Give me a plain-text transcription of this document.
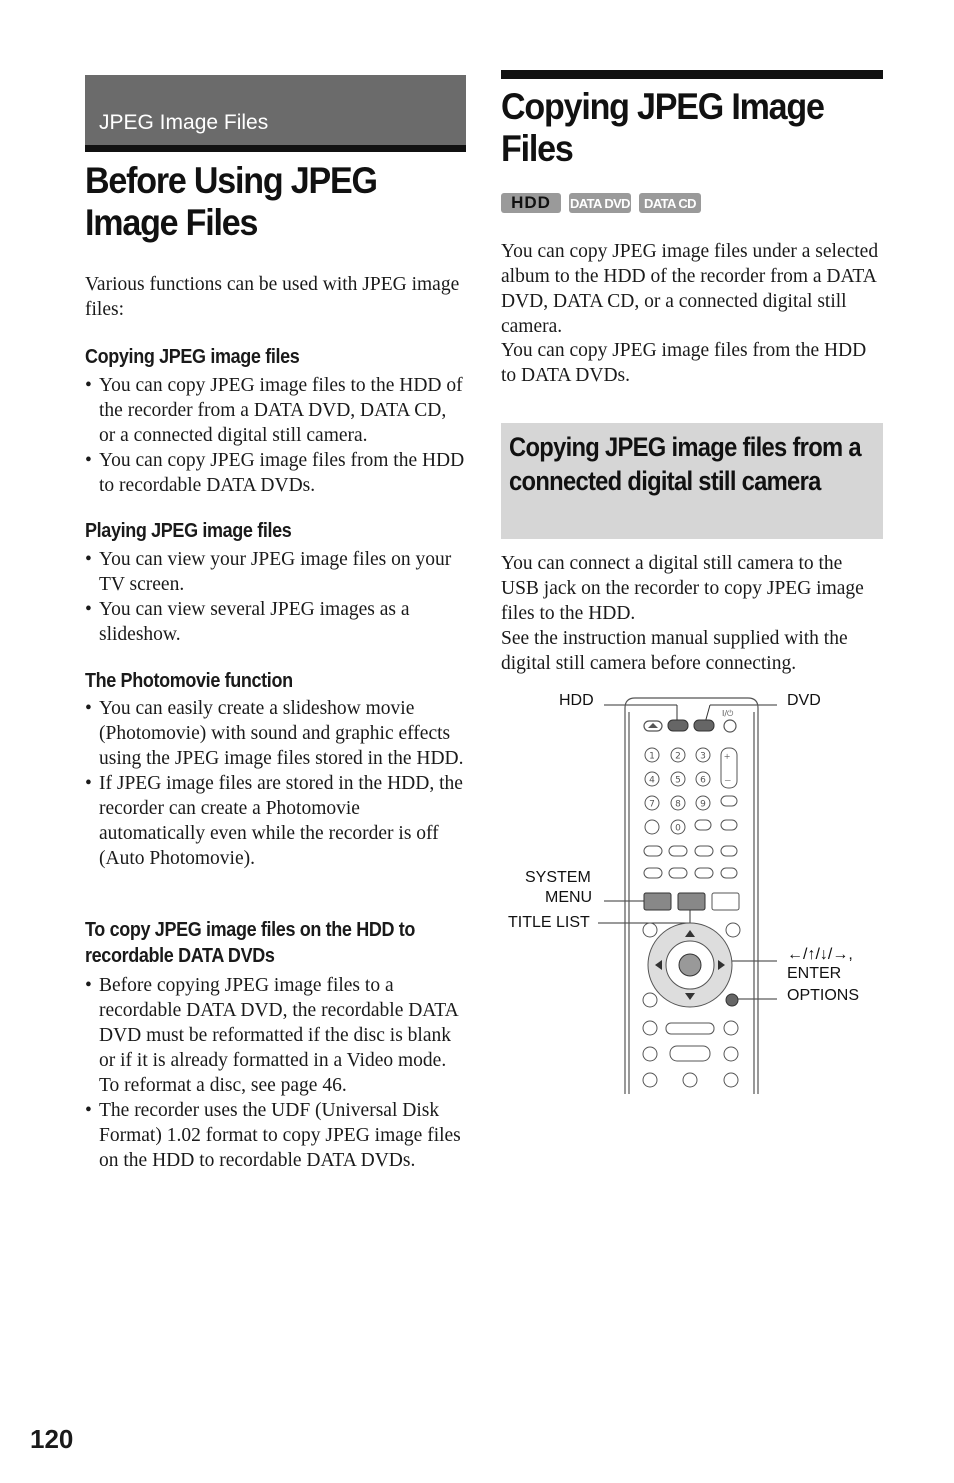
JPEG Image Files
Before Using JPEG Image Files

Various functions can be used with JPEG image files:

Copying JPEG image files
• You can copy JPEG image files to the HDD of the recorder from a DATA DVD, DATA CD, or a connected digital still camera.
• You can copy JPEG image files from the HDD to recordable DATA DVDs.
Playing JPEG image files
• You can view your JPEG image files on your TV screen.
• You can view several JPEG images as a slideshow.
The Photomovie function
• You can easily create a slideshow movie (Photomovie) with sound and graphic effects using the JPEG image files stored in the HDD.
• If JPEG image files are stored in the HDD, the recorder can create a Photomovie automatically even while the recorder is off (Auto Photomovie).
To copy JPEG image files on the HDD to recordable DATA DVDs
• Before copying JPEG image files to a recordable DATA DVD, the recordable DATA DVD must be reformatted if the disc is blank or if it is already formatted in a Video mode. To reformat a disc, see page 46.
• The recorder uses the UDF (Universal Disk Format) 1.02 format to copy JPEG image files on the HDD to recordable DATA DVDs.
Copying JPEG Image Files
HDD	DATA DVD	DATA CD

You can copy JPEG image files under a selected album to the HDD of the recorder from a DATA DVD, DATA CD, or a connected digital still camera.

You can copy JPEG image files from the HDD to DATA DVDs.

Copying JPEG image files from a connected digital still camera

You can connect a digital still camera to the USB jack on the recorder to copy JPEG image files to the HDD.

See the instruction manual supplied with the digital still camera before connecting.

HDD	DVD
SYSTEM
MENU
TITLE LIST
←/↑/↓/→,
ENTER
OPTIONS
I/⏻
1 2 3
4 5 6
7 8 9
0
+
–
120
